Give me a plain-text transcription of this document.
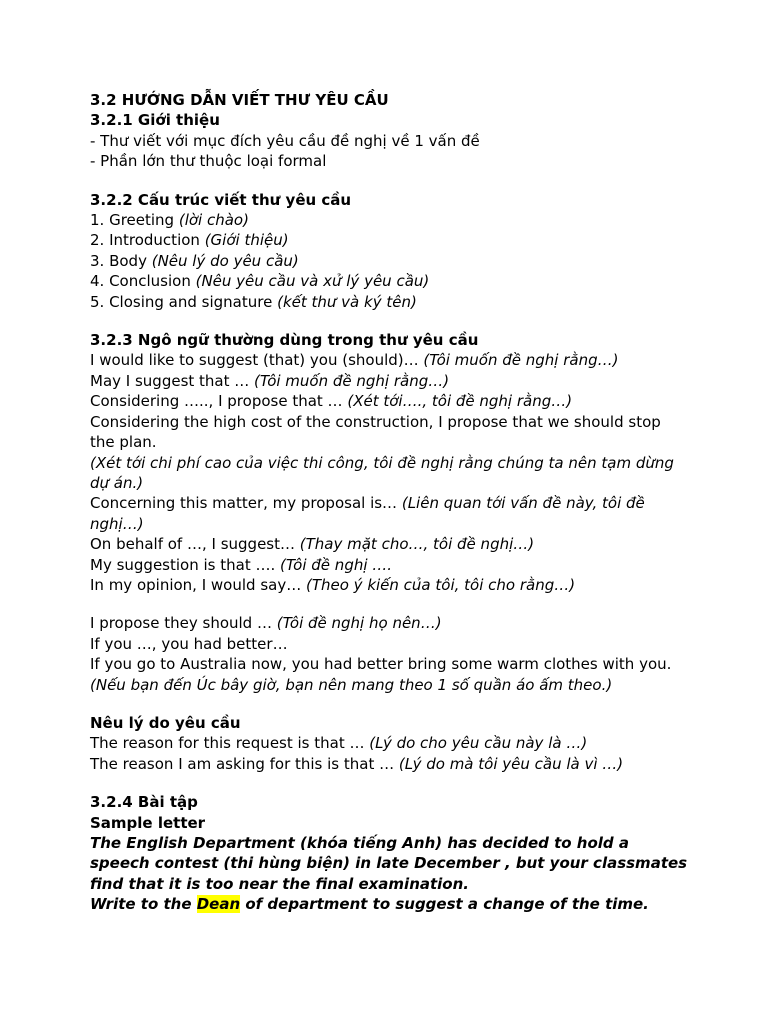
3.2 HƯỚNG DẪN VIẾT THƯ YÊU CẦU
3.2.1 Giới thiệu
- Thư viết với mục đích yêu cầu đề nghị về 1 vấn đề
- Phần lớn thư thuộc loại formal
3.2.2 Cấu trúc viết thư yêu cầu
1. Greeting (lời chào)
2. Introduction (Giới thiệu)
3. Body (Nêu lý do yêu cầu)
4. Conclusion (Nêu yêu cầu và xử lý yêu cầu)
5. Closing and signature (kết thư và ký tên)
3.2.3 Ngô ngữ thường dùng trong thư yêu cầu
I would like to suggest (that) you (should)… (Tôi muốn đề nghị rằng…)
May I suggest that … (Tôi muốn đề nghị rằng…)
Considering ….., I propose that … (Xét tới…., tôi đề nghị rằng…)
Considering the high cost of the construction, I propose that we should stop the plan.
(Xét tới chi phí cao của việc thi công, tôi đề nghị rằng chúng ta nên tạm dừng dự án.)
Concerning this matter, my proposal is… (Liên quan tới vấn đề này, tôi đề nghị…)
On behalf of …, I suggest… (Thay mặt cho…, tôi đề nghị…)
My suggestion is that …. (Tôi đề nghị ….
In my opinion, I would say… (Theo ý kiến của tôi, tôi cho rằng…)
I propose they should … (Tôi đề nghị họ nên…)
If you …, you had better…
If you go to Australia now, you had better bring some warm clothes with you.
(Nếu bạn đến Úc bây giờ, bạn nên mang theo 1 số quần áo ấm theo.)
Nêu lý do yêu cầu
The reason for this request is that … (Lý do cho yêu cầu này là …)
The reason I am asking for this is that … (Lý do mà tôi yêu cầu là vì …)
3.2.4 Bài tập
Sample letter
The English Department (khóa tiếng Anh) has decided to hold a speech contest (thi hùng biện) in late December , but your classmates find that it is too near the final examination.
Write to the Dean of department to suggest a change of the time.
